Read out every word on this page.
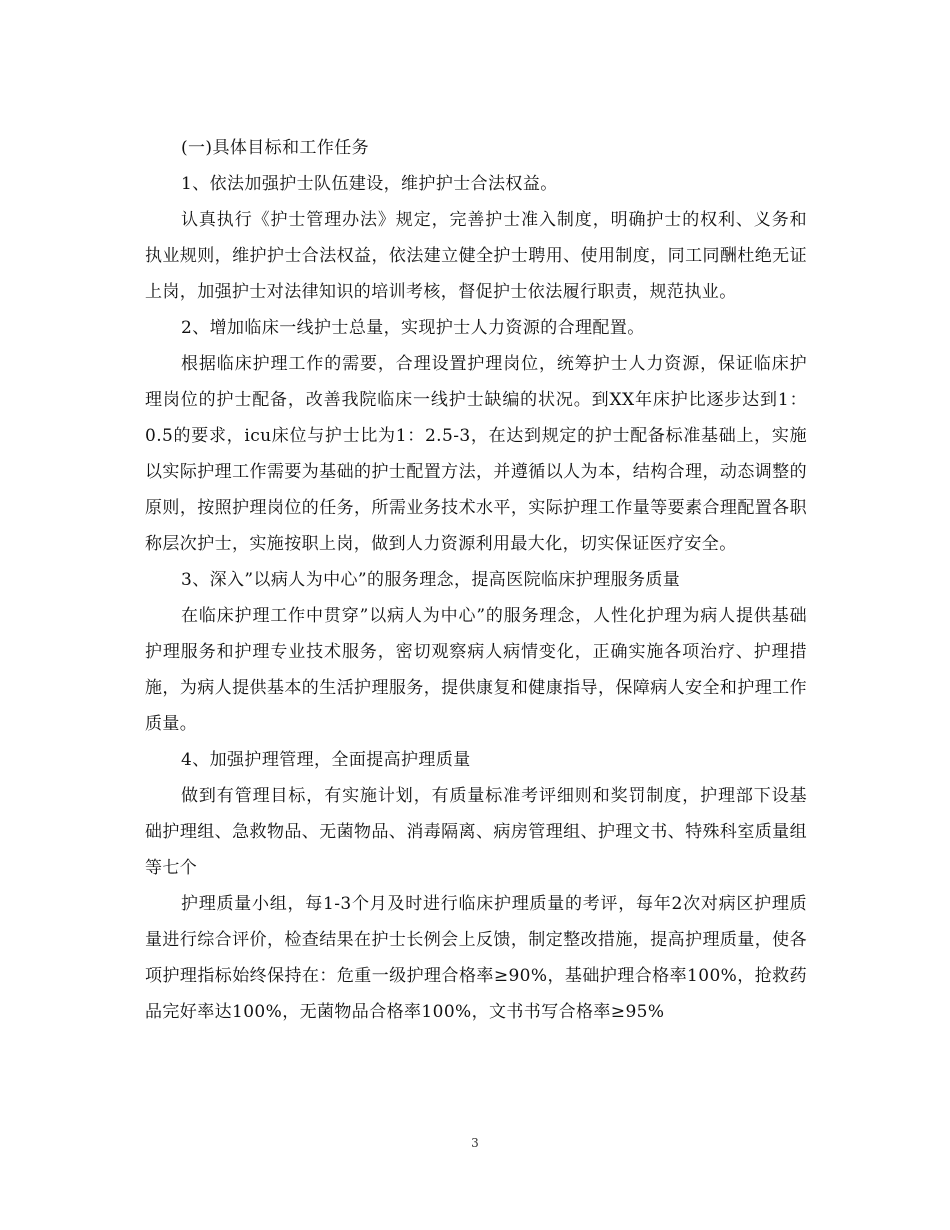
(一)具体目标和工作任务

1、依法加强护士队伍建设，维护护士合法权益。

认真执行《护士管理办法》规定，完善护士准入制度，明确护士的权利、义务和执业规则，维护护士合法权益，依法建立健全护士聘用、使用制度，同工同酬杜绝无证上岗，加强护士对法律知识的培训考核，督促护士依法履行职责，规范执业。

2、增加临床一线护士总量，实现护士人力资源的合理配置。

根据临床护理工作的需要，合理设置护理岗位，统筹护士人力资源，保证临床护理岗位的护士配备，改善我院临床一线护士缺编的状况。到XX年床护比逐步达到1：0.5的要求，icu床位与护士比为1：2.5-3，在达到规定的护士配备标准基础上，实施以实际护理工作需要为基础的护士配置方法，并遵循以人为本，结构合理，动态调整的原则，按照护理岗位的任务，所需业务技术水平，实际护理工作量等要素合理配置各职称层次护士，实施按职上岗，做到人力资源利用最大化，切实保证医疗安全。

3、深入”以病人为中心”的服务理念，提高医院临床护理服务质量

在临床护理工作中贯穿”以病人为中心”的服务理念，人性化护理为病人提供基础护理服务和护理专业技术服务，密切观察病人病情变化，正确实施各项治疗、护理措施，为病人提供基本的生活护理服务，提供康复和健康指导，保障病人安全和护理工作质量。

4、加强护理管理，全面提高护理质量

做到有管理目标，有实施计划，有质量标准考评细则和奖罚制度，护理部下设基础护理组、急救物品、无菌物品、消毒隔离、病房管理组、护理文书、特殊科室质量组等七个

护理质量小组，每1-3个月及时进行临床护理质量的考评，每年2次对病区护理质量进行综合评价，检查结果在护士长例会上反馈，制定整改措施，提高护理质量，使各项护理指标始终保持在：危重一级护理合格率≥90%，基础护理合格率100%，抢救药品完好率达100%，无菌物品合格率100%，文书书写合格率≥95%

3
